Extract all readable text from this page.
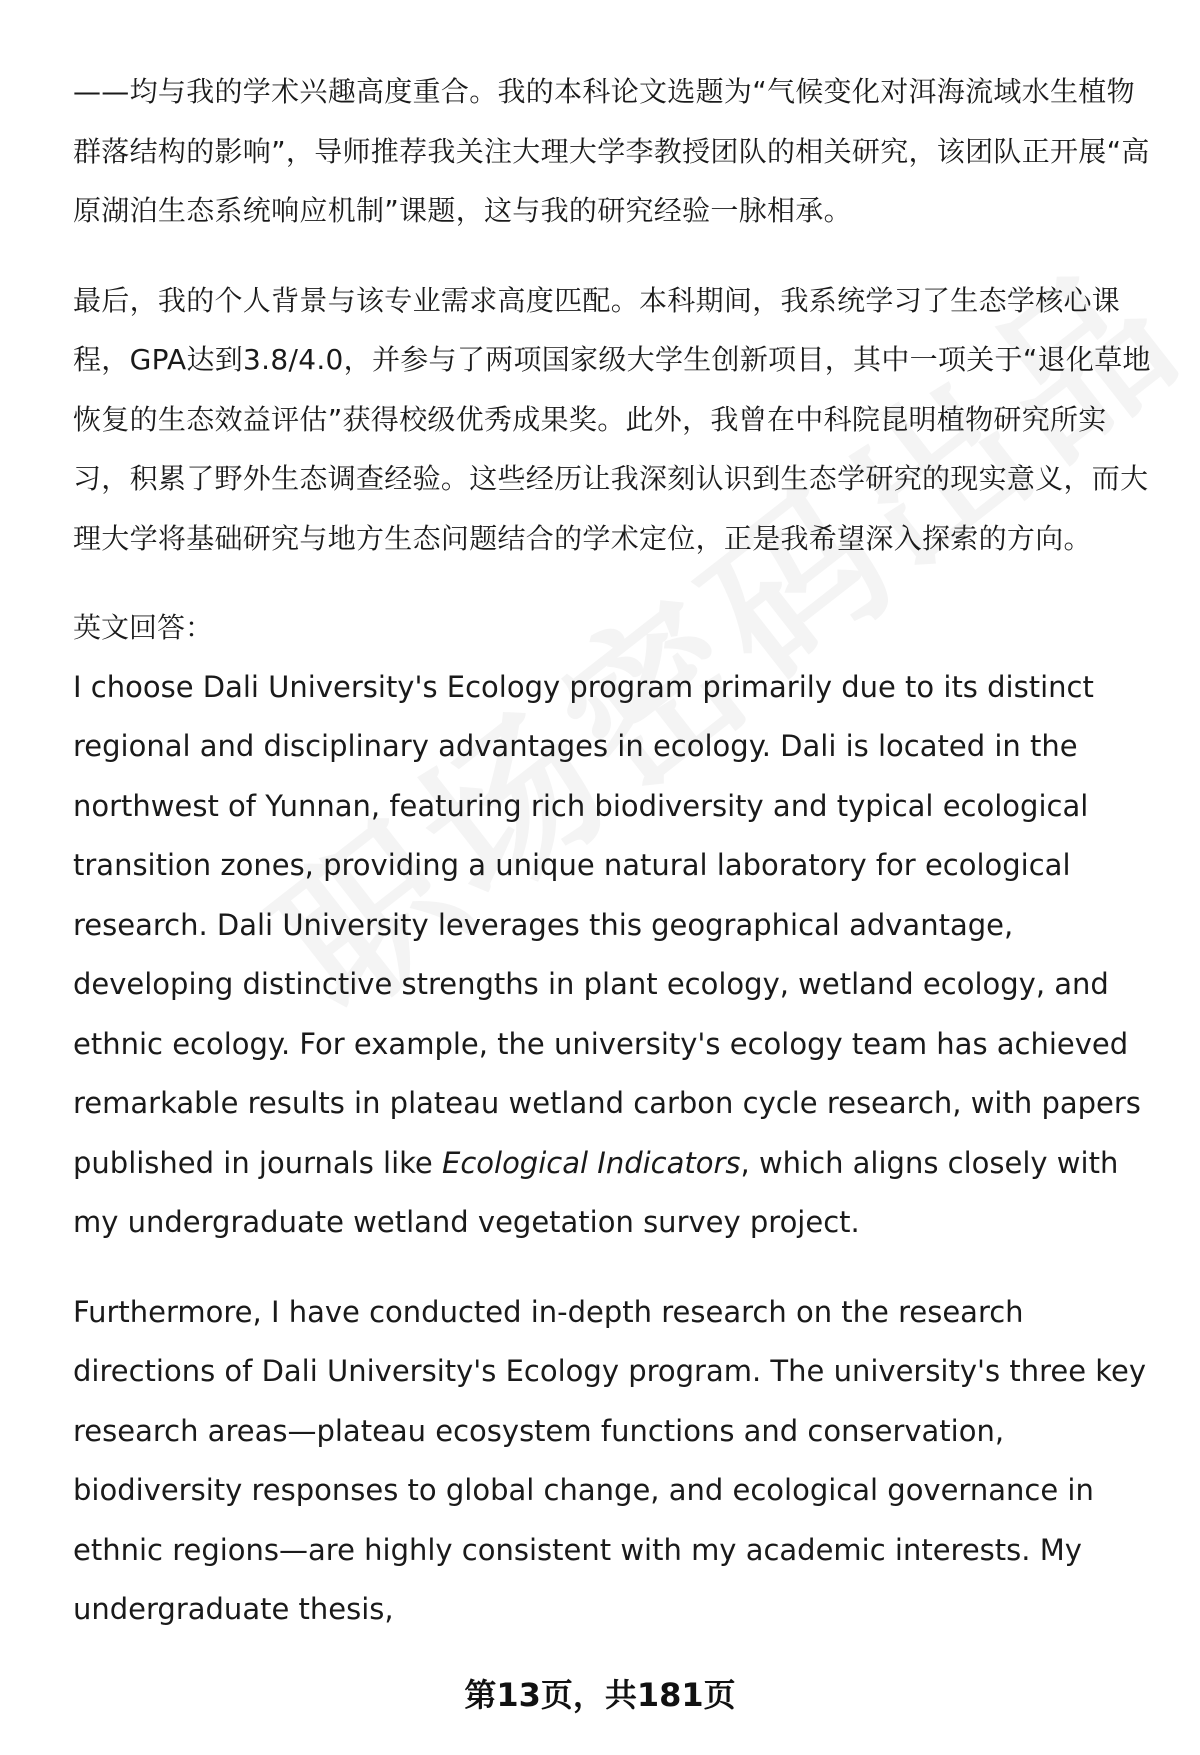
——均与我的学术兴趣高度重合。我的本科论文选题为“气候变化对洱海流域水生植物群落结构的影响”，导师推荐我关注大理大学李教授团队的相关研究，该团队正开展“高原湖泊生态系统响应机制”课题，这与我的研究经验一脉相承。

最后，我的个人背景与该专业需求高度匹配。本科期间，我系统学习了生态学核心课程，GPA达到3.8/4.0，并参与了两项国家级大学生创新项目，其中一项关于“退化草地恢复的生态效益评估”获得校级优秀成果奖。此外，我曾在中科院昆明植物研究所实习，积累了野外生态调查经验。这些经历让我深刻认识到生态学研究的现实意义，而大理大学将基础研究与地方生态问题结合的学术定位，正是我希望深入探索的方向。

英文回答：

I choose Dali University's Ecology program primarily due to its distinct regional and disciplinary advantages in ecology. Dali is located in the northwest of Yunnan, featuring rich biodiversity and typical ecological transition zones, providing a unique natural laboratory for ecological research. Dali University leverages this geographical advantage, developing distinctive strengths in plant ecology, wetland ecology, and ethnic ecology. For example, the university's ecology team has achieved remarkable results in plateau wetland carbon cycle research, with papers published in journals like Ecological Indicators, which aligns closely with my undergraduate wetland vegetation survey project.

Furthermore, I have conducted in-depth research on the research directions of Dali University's Ecology program. The university's three key research areas—plateau ecosystem functions and conservation, biodiversity responses to global change, and ecological governance in ethnic regions—are highly consistent with my academic interests. My undergraduate thesis,

第13页，共181页
